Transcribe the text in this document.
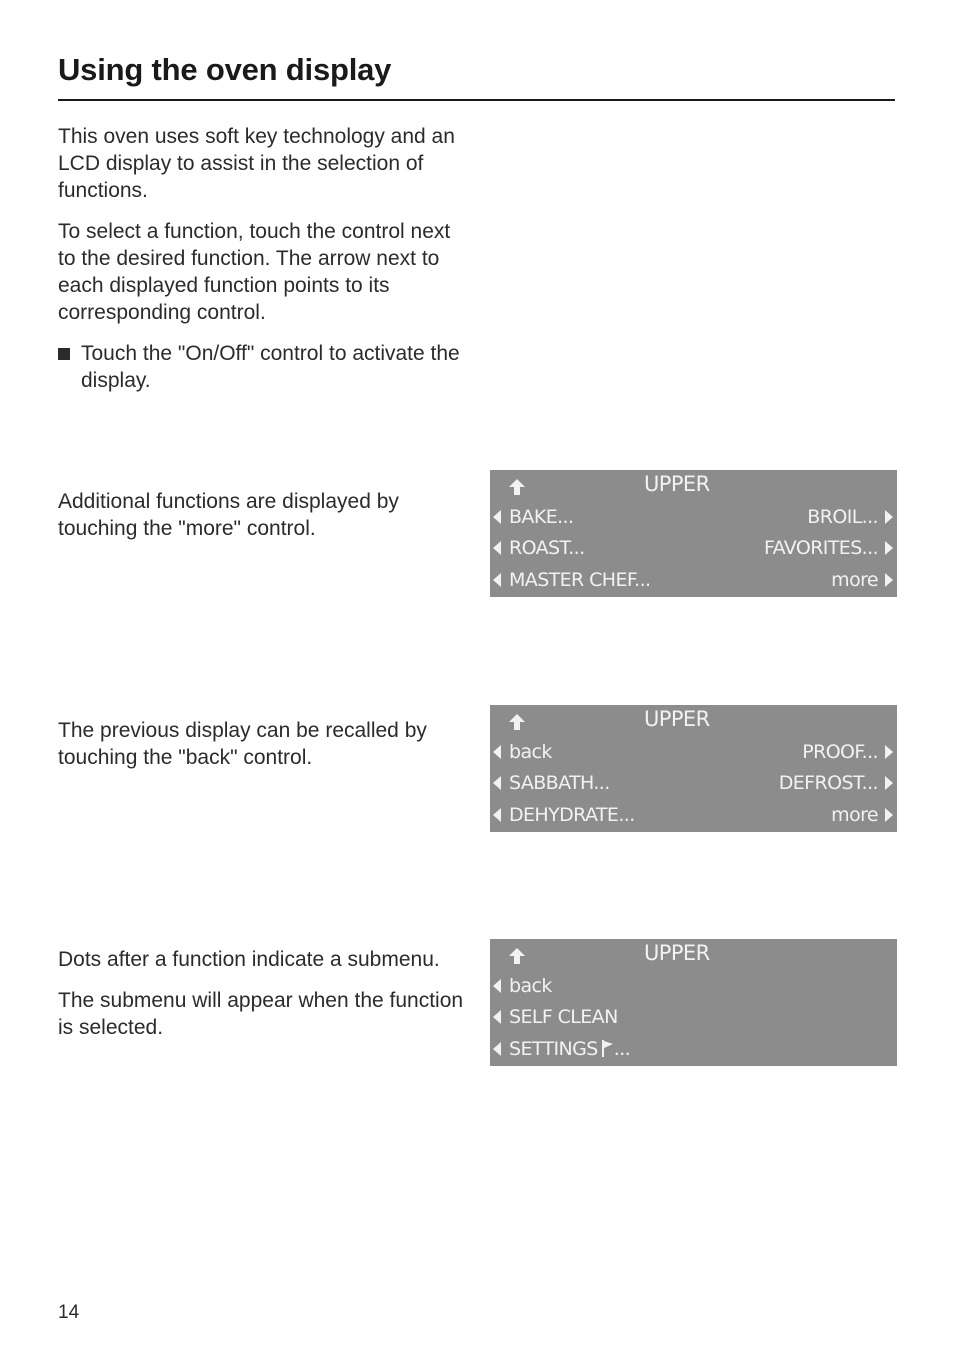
Using the oven display

This oven uses soft key technology and an LCD display to assist in the selection of functions.

To select a function, touch the control next to the desired function. The arrow next to each displayed function points to its corresponding control.

Touch the "On/Off" control to activate the display.

Additional functions are displayed by touching the "more" control.

UPPER
BAKE...	BROIL...
ROAST...	FAVORITES...
MASTER CHEF...	more

The previous display can be recalled by touching the "back" control.

UPPER
back	PROOF...
SABBATH...	DEFROST...
DEHYDRATE...	more

Dots after a function indicate a submenu.

The submenu will appear when the function is selected.

UPPER
back
SELF CLEAN
SETTINGS ...
14
